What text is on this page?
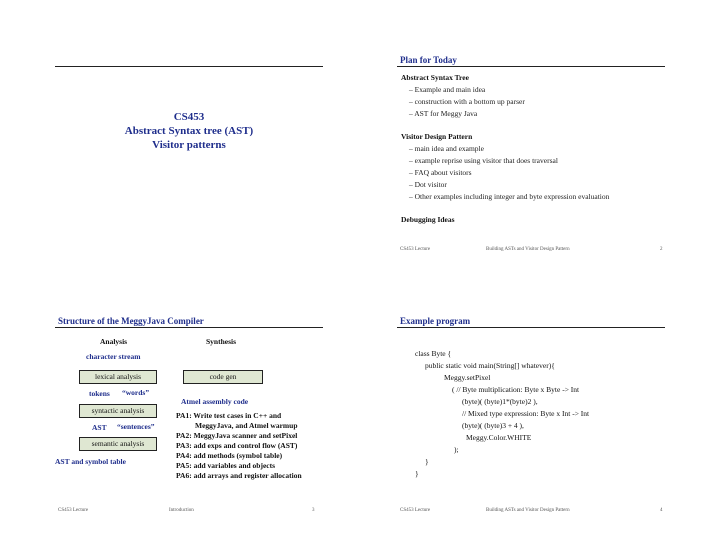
CS453
Abstract Syntax tree (AST)
Visitor patterns
Plan for Today
Abstract Syntax Tree
– Example and main idea
– construction with a bottom up parser
– AST for Meggy Java
Visitor Design Pattern
– main idea and example
– example reprise using visitor that does traversal
– FAQ about visitors
– Dot visitor
– Other examples including integer and byte expression evaluation
Debugging Ideas
CS453 Lecture	Building ASTs and Visitor Design Pattern	2
Structure of the MeggyJava Compiler
Analysis	Synthesis
character stream
lexical analysis	code gen
tokens “words”
Atmel assembly code
syntactic analysis
AST “sentences”
semantic analysis
AST and symbol table
PA1: Write test cases in C++ and
MeggyJava, and Atmel warmup
PA2: MeggyJava scanner and setPixel
PA3: add exps and control flow (AST)
PA4: add methods (symbol table)
PA5: add variables and objects
PA6: add arrays and register allocation
CS453 Lecture	Introduction	3
Example program
class Byte {
public static void main(String[] whatever){
Meggy.setPixel
( // Byte multiplication: Byte x Byte -> Int
(byte)( (byte)1*(byte)2 ),
// Mixed type expression: Byte x Int -> Int
(byte)( (byte)3 + 4 ),
Meggy.Color.WHITE
);
}
}
CS453 Lecture	Building ASTs and Visitor Design Pattern	4
